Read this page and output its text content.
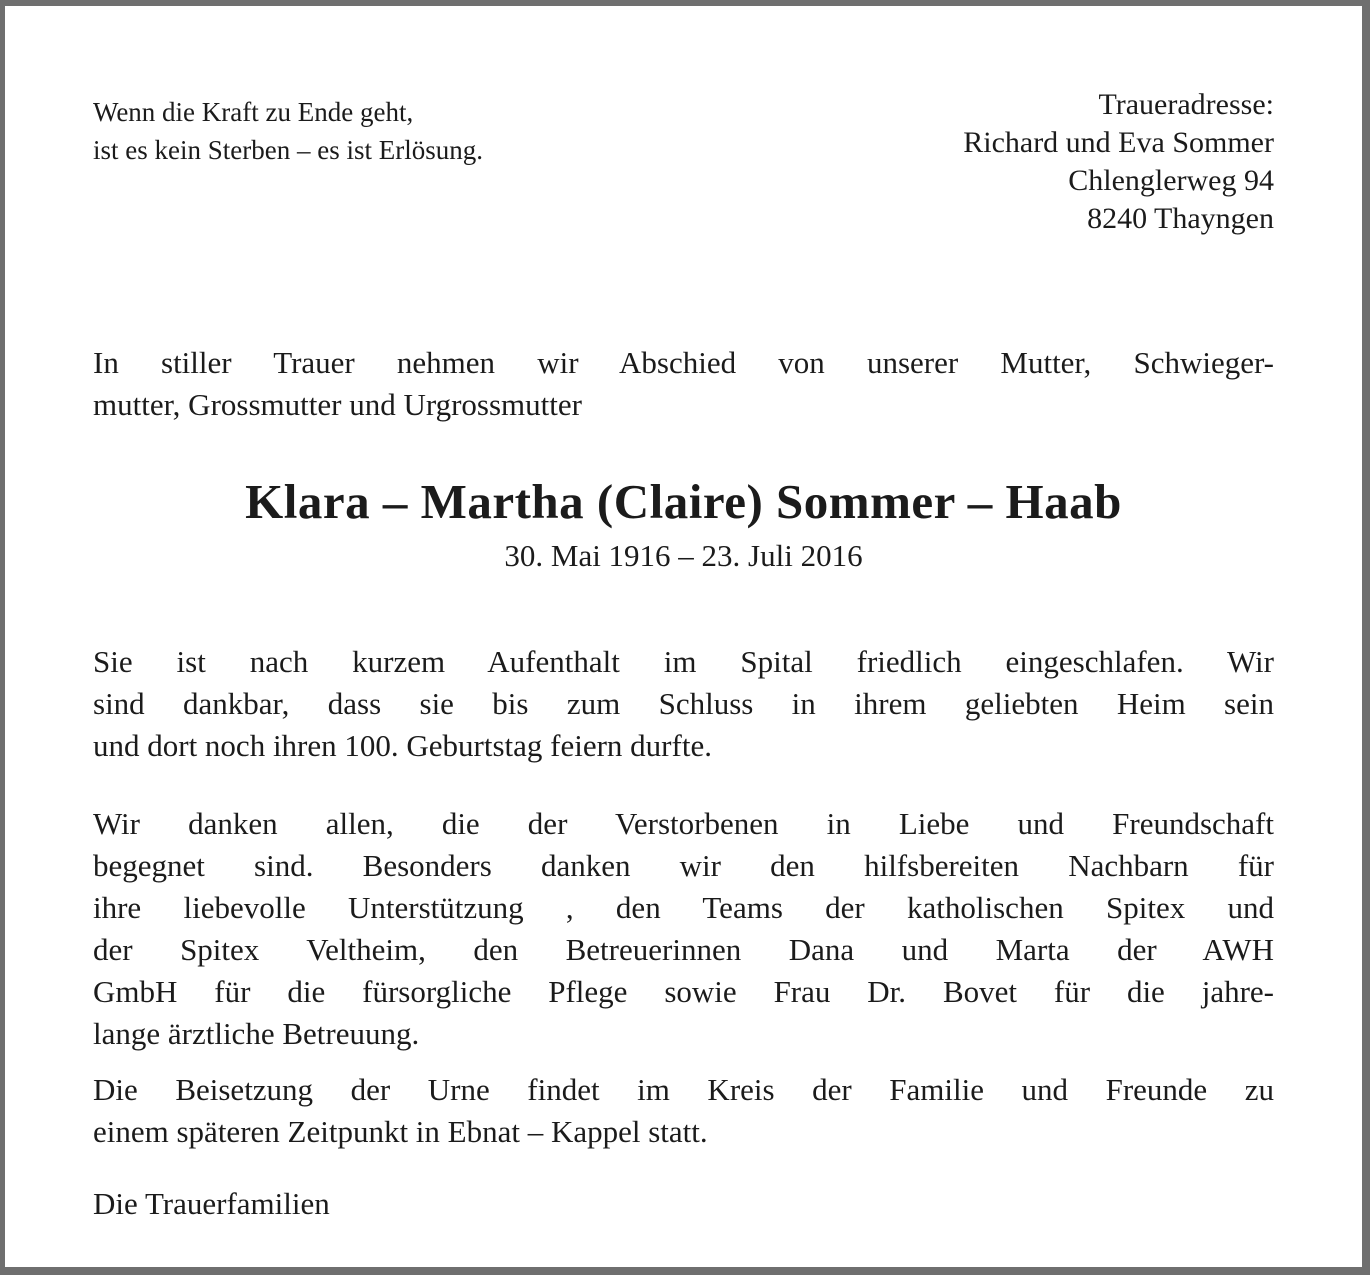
Wenn die Kraft zu Ende geht,
ist es kein Sterben – es ist Erlösung.
Traueradresse:
Richard und Eva Sommer
Chlenglerweg 94
8240 Thayngen
In stiller Trauer nehmen wir Abschied von unserer Mutter, Schwieger-
mutter, Grossmutter und Urgrossmutter
Klara – Martha (Claire) Sommer – Haab
30. Mai 1916 – 23. Juli 2016
Sie ist nach kurzem Aufenthalt im Spital friedlich eingeschlafen. Wir
sind dankbar, dass sie bis zum Schluss in ihrem geliebten Heim sein
und dort noch ihren 100. Geburtstag feiern durfte.
Wir danken allen, die der Verstorbenen in Liebe und Freundschaft
begegnet sind. Besonders danken wir den hilfsbereiten Nachbarn für
ihre liebevolle Unterstützung , den Teams der katholischen Spitex und
der Spitex Veltheim, den Betreuerinnen Dana und Marta der AWH
GmbH für die fürsorgliche Pflege sowie Frau Dr. Bovet für die jahre-
lange ärztliche Betreuung.
Die Beisetzung der Urne findet im Kreis der Familie und Freunde zu
einem späteren Zeitpunkt in Ebnat – Kappel statt.
Die Trauerfamilien
